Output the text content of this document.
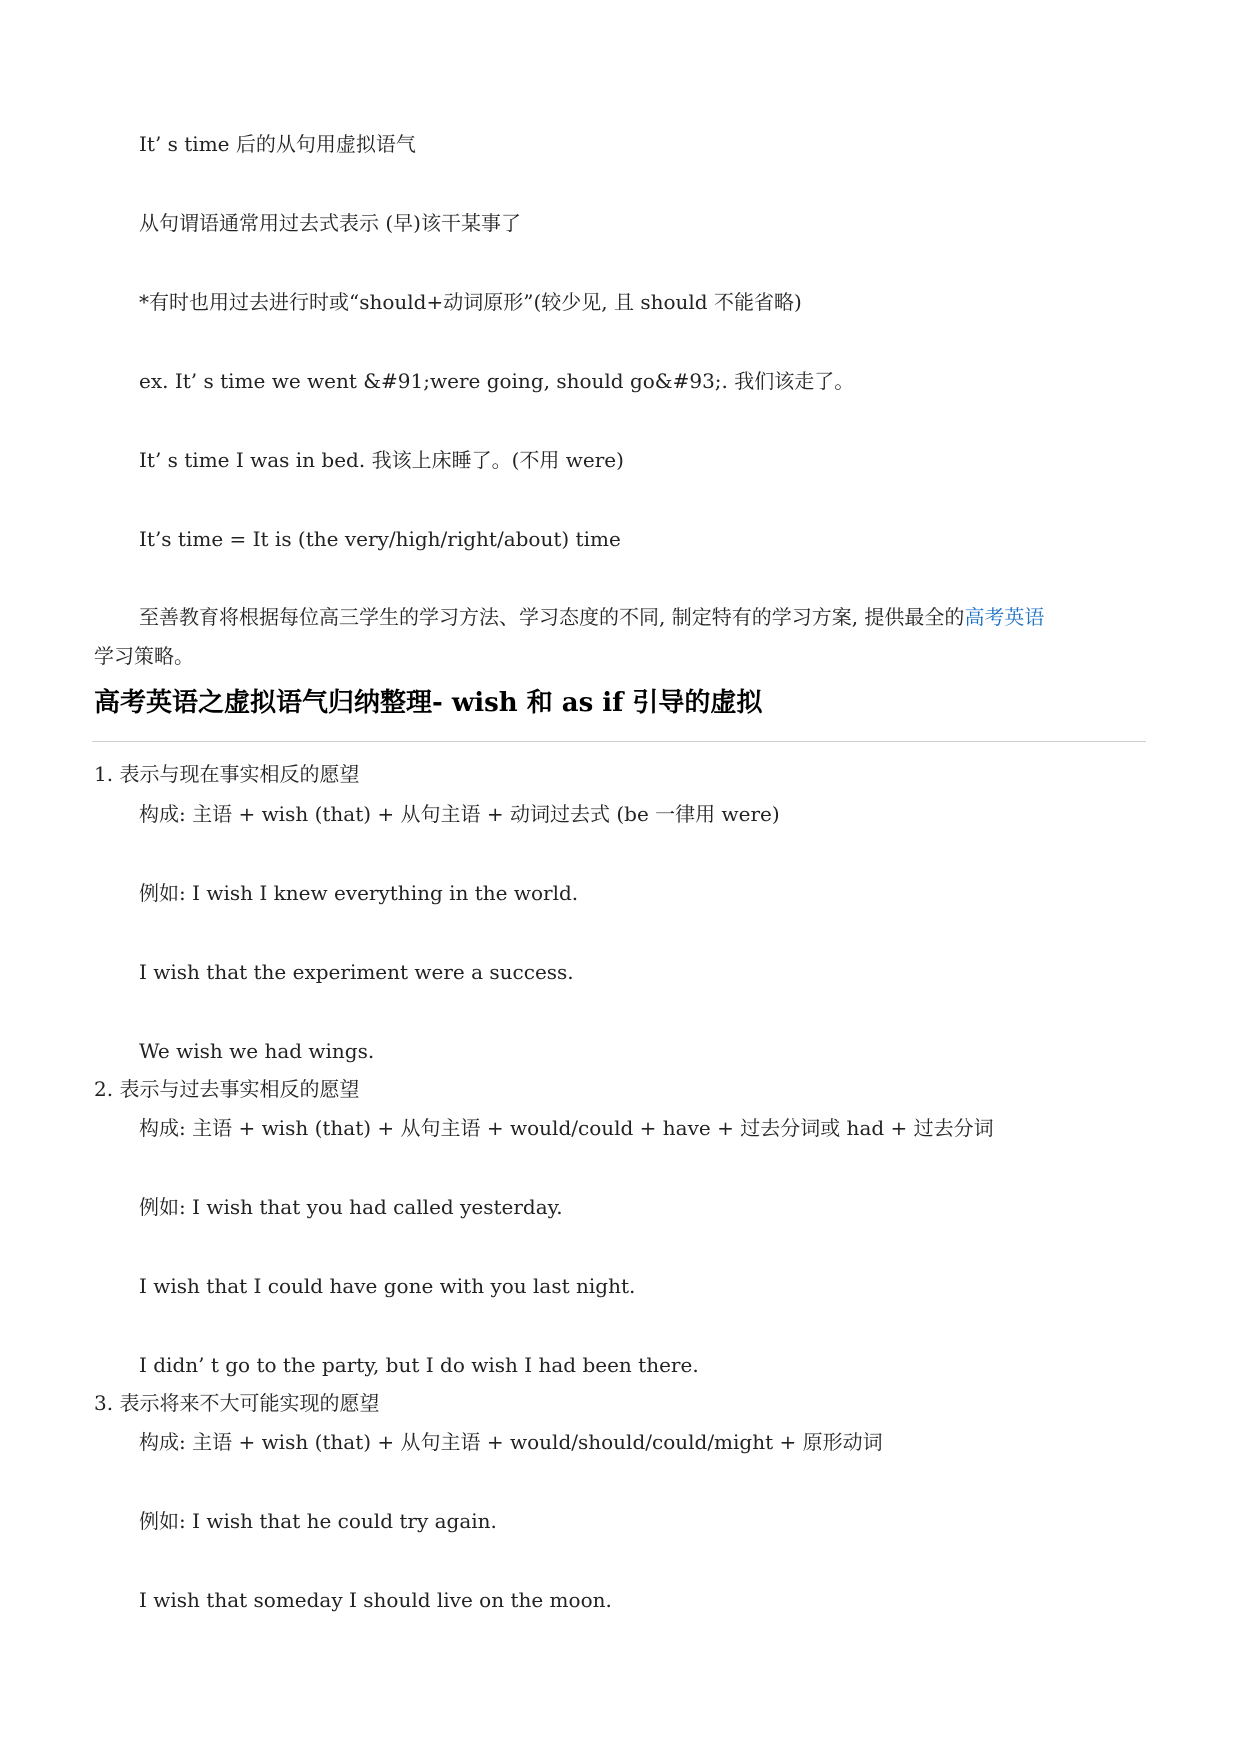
It’ s time 后的从句用虚拟语气
从句谓语通常用过去式表示 (早)该干某事了
*有时也用过去进行时或“should+动词原形”(较少见, 且 should 不能省略)
ex. It’ s time we went &#91;were going, should go&#93;. 我们该走了。
It’ s time I was in bed. 我该上床睡了。(不用 were)
It’s time = It is (the very/high/right/about) time
至善教育将根据每位高三学生的学习方法、学习态度的不同, 制定特有的学习方案, 提供最全的高考英语
学习策略。
高考英语之虚拟语气归纳整理- wish 和 as if 引导的虚拟
1. 表示与现在事实相反的愿望
构成: 主语 + wish (that) + 从句主语 + 动词过去式 (be 一律用 were)
例如: I wish I knew everything in the world.
I wish that the experiment were a success.
We wish we had wings.
2. 表示与过去事实相反的愿望
构成: 主语 + wish (that) + 从句主语 + would/could + have + 过去分词或 had + 过去分词
例如: I wish that you had called yesterday.
I wish that I could have gone with you last night.
I didn’ t go to the party, but I do wish I had been there.
3. 表示将来不大可能实现的愿望
构成: 主语 + wish (that) + 从句主语 + would/should/could/might + 原形动词
例如: I wish that he could try again.
I wish that someday I should live on the moon.
